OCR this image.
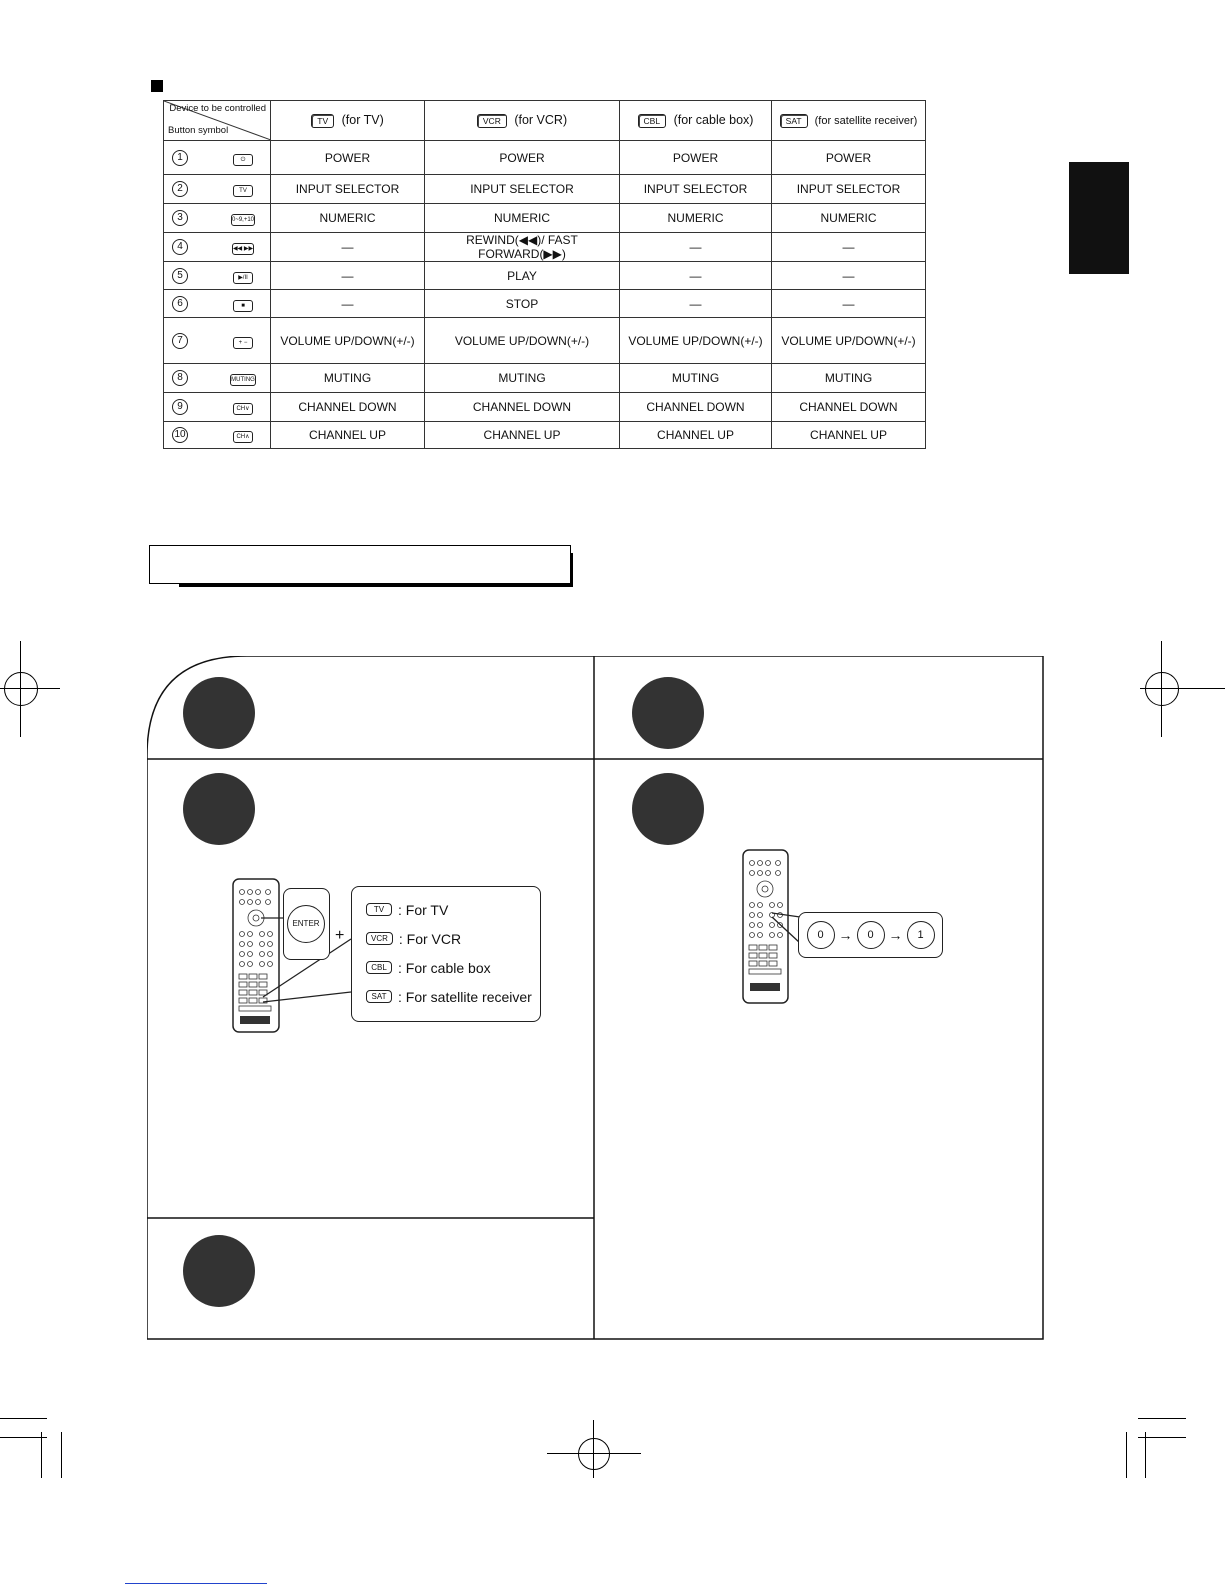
Device to be controlled
Button symbol	TV (for TV)	VCR (for VCR)	CBL (for cable box)	SAT (for satellite receiver)

1 ⏻	POWER	POWER	POWER	POWER

2 TV	INPUT SELECTOR	INPUT SELECTOR	INPUT SELECTOR	INPUT SELECTOR

3 0~9,+10	NUMERIC	NUMERIC	NUMERIC	NUMERIC

4 ◀◀ ▶▶	—	REWIND(◀◀)/ FAST FORWARD(▶▶)	—	—

5 ▶/II	—	PLAY	—	—

6 ■	—	STOP	—	—

7 + −	VOLUME UP/DOWN(+/-)	VOLUME UP/DOWN(+/-)	VOLUME UP/DOWN(+/-)	VOLUME UP/DOWN(+/-)

8 MUTING	MUTING	MUTING	MUTING	MUTING

9 CH∨	CHANNEL DOWN	CHANNEL DOWN	CHANNEL DOWN	CHANNEL DOWN

10 CH∧	CHANNEL UP	CHANNEL UP	CHANNEL UP	CHANNEL UP
ENTER
+
TV : For TV
VCR : For VCR
CBL : For cable box
SAT : For satellite receiver
0	→	0	→	1
